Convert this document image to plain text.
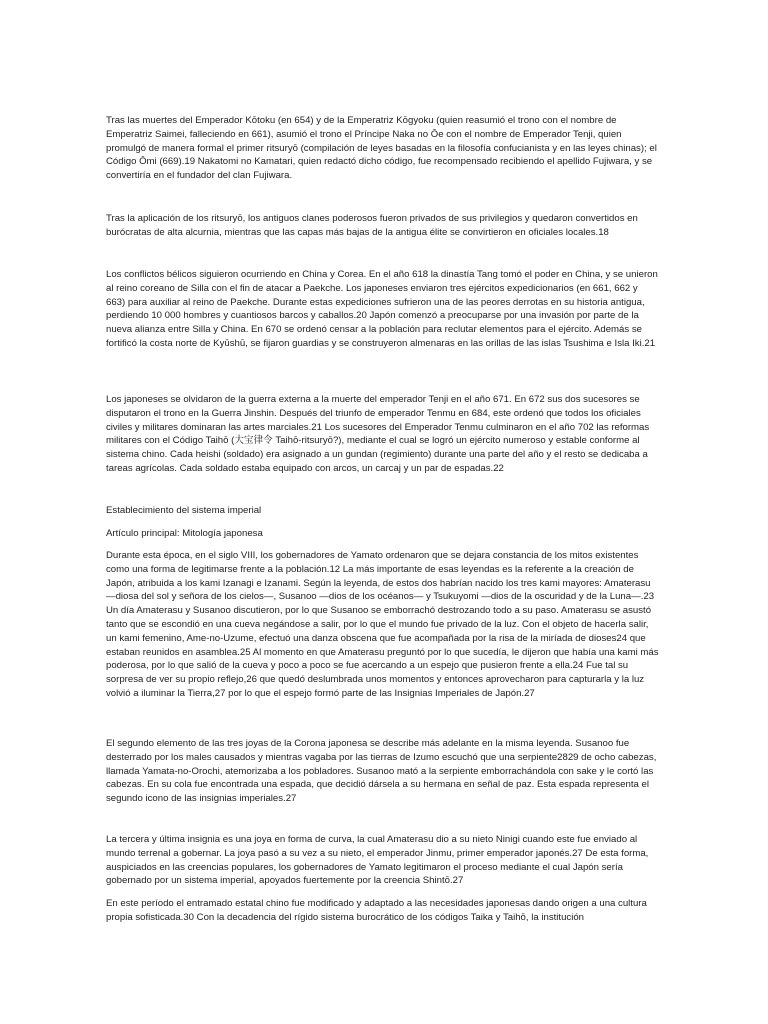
Tras las muertes del Emperador Kōtoku (en 654) y de la Emperatriz Kōgyoku (quien reasumió el trono con el nombre de Emperatriz Saimei, falleciendo en 661), asumió el trono el Príncipe Naka no Ōe con el nombre de Emperador Tenji, quien promulgó de manera formal el primer ritsuryō (compilación de leyes basadas en la filosofía confucianista y en las leyes chinas); el Código Ōmi (669).19 Nakatomi no Kamatari, quien redactó dicho código, fue recompensado recibiendo el apellido Fujiwara, y se convertiría en el fundador del clan Fujiwara.

Tras la aplicación de los ritsuryō, los antiguos clanes poderosos fueron privados de sus privilegios y quedaron convertidos en burócratas de alta alcurnia, mientras que las capas más bajas de la antigua élite se convirtieron en oficiales locales.18

Los conflictos bélicos siguieron ocurriendo en China y Corea. En el año 618 la dinastía Tang tomó el poder en China, y se unieron al reino coreano de Silla con el fin de atacar a Paekche. Los japoneses enviaron tres ejércitos expedicionarios (en 661, 662 y 663) para auxiliar al reino de Paekche. Durante estas expediciones sufrieron una de las peores derrotas en su historia antigua, perdiendo 10 000 hombres y cuantiosos barcos y caballos.20 Japón comenzó a preocuparse por una invasión por parte de la nueva alianza entre Silla y China. En 670 se ordenó censar a la población para reclutar elementos para el ejército. Además se fortificó la costa norte de Kyūshū, se fijaron guardias y se construyeron almenaras en las orillas de las islas Tsushima e Isla Iki.21

Los japoneses se olvidaron de la guerra externa a la muerte del emperador Tenji en el año 671. En 672 sus dos sucesores se disputaron el trono en la Guerra Jinshin. Después del triunfo de emperador Tenmu en 684, este ordenó que todos los oficiales civiles y militares dominaran las artes marciales.21 Los sucesores del Emperador Tenmu culminaron en el año 702 las reformas militares con el Código Taihō (大宝律令 Taihō-ritsuryō?), mediante el cual se logró un ejército numeroso y estable conforme al sistema chino. Cada heishi (soldado) era asignado a un gundan (regimiento) durante una parte del año y el resto se dedicaba a tareas agrícolas. Cada soldado estaba equipado con arcos, un carcaj y un par de espadas.22

Establecimiento del sistema imperial

Artículo principal: Mitología japonesa

Durante esta época, en el siglo VIII, los gobernadores de Yamato ordenaron que se dejara constancia de los mitos existentes como una forma de legitimarse frente a la población.12 La más importante de esas leyendas es la referente a la creación de Japón, atribuida a los kami Izanagi e Izanami. Según la leyenda, de estos dos habrían nacido los tres kami mayores: Amaterasu —diosa del sol y señora de los cielos—, Susanoo —dios de los océanos— y Tsukuyomi —dios de la oscuridad y de la Luna—.23 Un día Amaterasu y Susanoo discutieron, por lo que Susanoo se emborrachó destrozando todo a su paso. Amaterasu se asustó tanto que se escondió en una cueva negándose a salir, por lo que el mundo fue privado de la luz. Con el objeto de hacerla salir, un kami femenino, Ame-no-Uzume, efectuó una danza obscena que fue acompañada por la risa de la miríada de dioses24 que estaban reunidos en asamblea.25 Al momento en que Amaterasu preguntó por lo que sucedía, le dijeron que había una kami más poderosa, por lo que salió de la cueva y poco a poco se fue acercando a un espejo que pusieron frente a ella.24 Fue tal su sorpresa de ver su propio reflejo,26 que quedó deslumbrada unos momentos y entonces aprovecharon para capturarla y la luz volvió a iluminar la Tierra,27 por lo que el espejo formó parte de las Insignias Imperiales de Japón.27

El segundo elemento de las tres joyas de la Corona japonesa se describe más adelante en la misma leyenda. Susanoo fue desterrado por los males causados y mientras vagaba por las tierras de Izumo escuchó que una serpiente2829 de ocho cabezas, llamada Yamata-no-Orochi, atemorizaba a los pobladores. Susanoo mató a la serpiente emborrachándola con sake y le cortó las cabezas. En su cola fue encontrada una espada, que decidió dársela a su hermana en señal de paz. Esta espada representa el segundo icono de las insignias imperiales.27

La tercera y última insignia es una joya en forma de curva, la cual Amaterasu dio a su nieto Ninigi cuando este fue enviado al mundo terrenal a gobernar. La joya pasó a su vez a su nieto, el emperador Jinmu, primer emperador japonés.27 De esta forma, auspiciados en las creencias populares, los gobernadores de Yamato legitimaron el proceso mediante el cual Japón sería gobernado por un sistema imperial, apoyados fuertemente por la creencia Shintō.27

En este período el entramado estatal chino fue modificado y adaptado a las necesidades japonesas dando origen a una cultura propia sofisticada.30 Con la decadencia del rígido sistema burocrático de los códigos Taika y Taihō, la institución
